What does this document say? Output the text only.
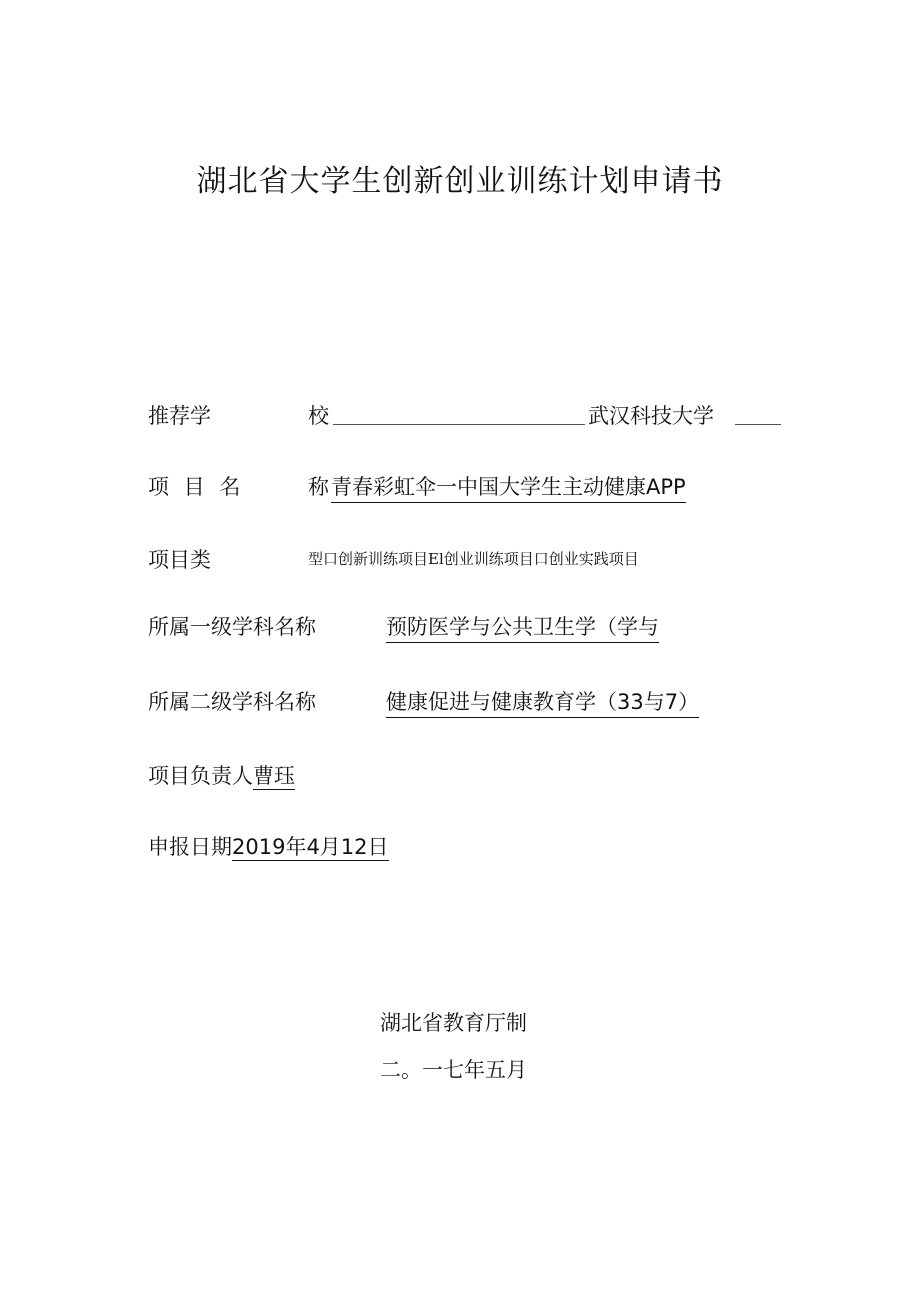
湖北省大学生创新创业训练计划申请书
推荐学	校	武汉科技大学
项 目 名	称 青春彩虹伞一中国大学生主动健康APP
项目类	型口创新训练项目El创业训练项目口创业实践项目
所属一级学科名称	预防医学与公共卫生学（学与
所属二级学科名称	健康促进与健康教育学（33与7）
项目负责人曹珏
申报日期2019年4月12日
湖北省教育厅制
二。一七年五月
